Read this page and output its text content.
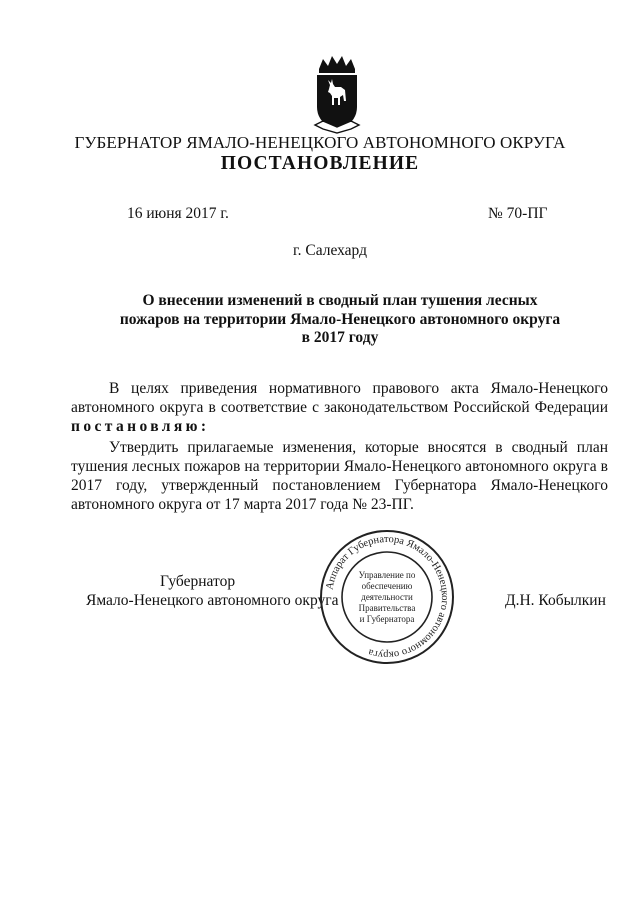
ГУБЕРНАТОР ЯМАЛО-НЕНЕЦКОГО АВТОНОМНОГО ОКРУГА
ПОСТАНОВЛЕНИЕ
16 июня 2017 г.	№ 70-ПГ
г. Салехард
О внесении изменений в сводный план тушения лесных
пожаров на территории Ямало-Ненецкого автономного округа
в 2017 году
В целях приведения нормативного правового акта Ямало-Ненецкого автономного округа в соответствие с законодательством Российской Федерации постановляю:
Утвердить прилагаемые изменения, которые вносятся в сводный план тушения лесных пожаров на территории Ямало-Ненецкого автономного округа в 2017 году, утвержденный постановлением Губернатора Ямало-Ненецкого автономного округа от 17 марта 2017 года № 23-ПГ.
Губернатор
Ямало-Ненецкого автономного округа	Д.Н. Кобылкин
Аппарат Губернатора Ямало-Ненецкого автономного округа
Управление по
обеспечению
деятельности
Правительства
и Губернатора
